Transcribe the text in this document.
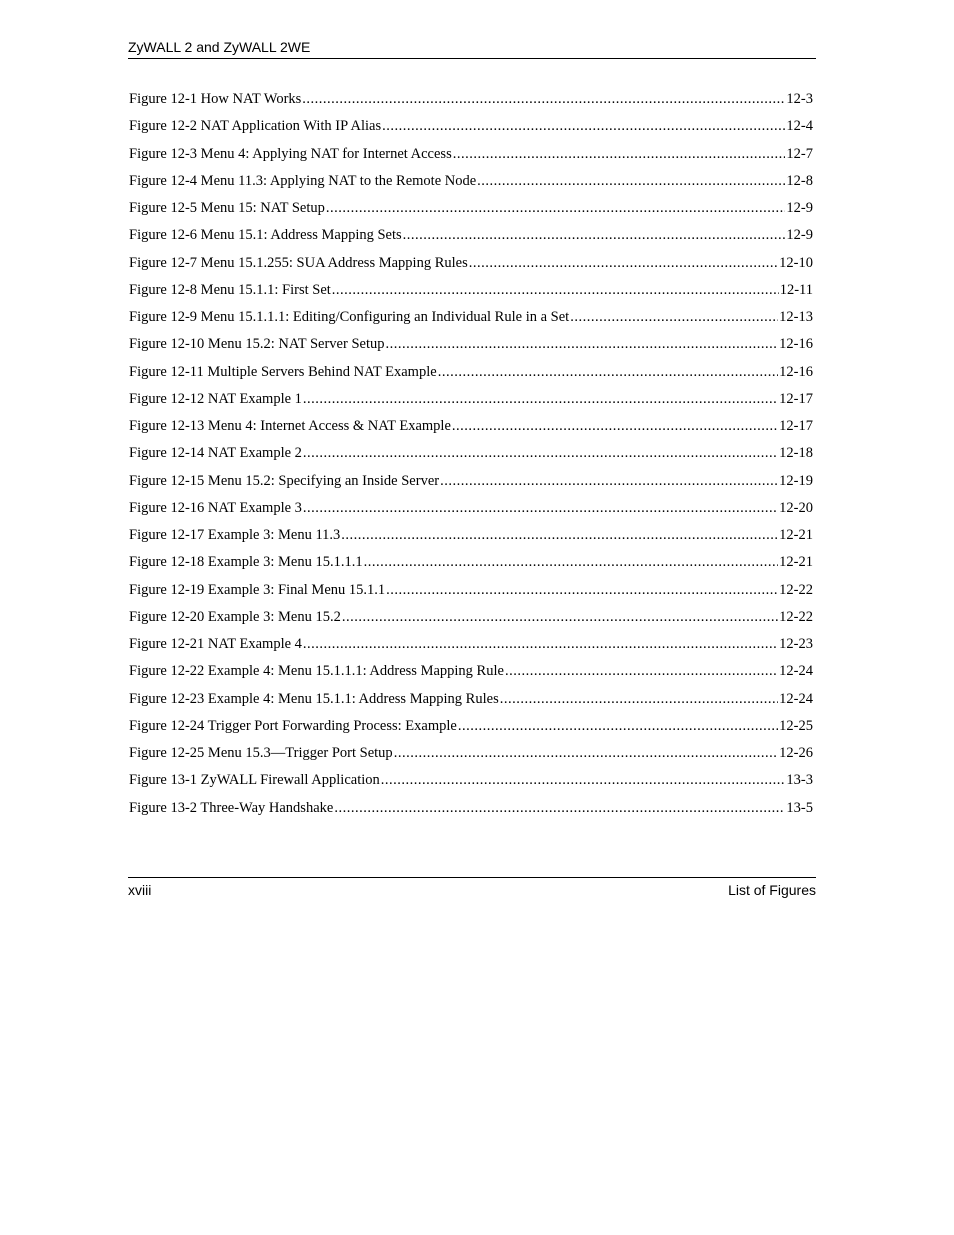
ZyWALL 2 and ZyWALL 2WE
Figure 12-1 How NAT Works .....	12-3
Figure 12-2 NAT Application With IP Alias .....	12-4
Figure 12-3 Menu 4: Applying NAT for Internet Access .....	12-7
Figure 12-4 Menu 11.3: Applying NAT to the Remote Node .....	12-8
Figure 12-5 Menu 15: NAT Setup .....	12-9
Figure 12-6 Menu 15.1: Address Mapping Sets .....	12-9
Figure 12-7 Menu 15.1.255: SUA Address Mapping Rules .....	12-10
Figure 12-8 Menu 15.1.1: First Set .....	12-11
Figure 12-9 Menu 15.1.1.1: Editing/Configuring an Individual Rule in a Set .....	12-13
Figure 12-10 Menu 15.2: NAT Server Setup .....	12-16
Figure 12-11 Multiple Servers Behind NAT Example .....	12-16
Figure 12-12 NAT Example 1 .....	12-17
Figure 12-13 Menu 4: Internet Access & NAT Example .....	12-17
Figure 12-14 NAT Example 2 .....	12-18
Figure 12-15 Menu 15.2: Specifying an Inside Server .....	12-19
Figure 12-16 NAT Example 3 .....	12-20
Figure 12-17 Example 3: Menu 11.3 .....	12-21
Figure 12-18 Example 3: Menu 15.1.1.1 .....	12-21
Figure 12-19 Example 3: Final Menu 15.1.1 .....	12-22
Figure 12-20 Example 3: Menu 15.2 .....	12-22
Figure 12-21 NAT Example 4 .....	12-23
Figure 12-22 Example 4: Menu 15.1.1.1: Address Mapping Rule .....	12-24
Figure 12-23 Example 4: Menu 15.1.1: Address Mapping Rules .....	12-24
Figure 12-24 Trigger Port Forwarding Process: Example .....	12-25
Figure 12-25 Menu 15.3—Trigger Port Setup .....	12-26
Figure 13-1 ZyWALL Firewall Application .....	13-3
Figure 13-2 Three-Way Handshake .....	13-5
xviii	List of Figures
